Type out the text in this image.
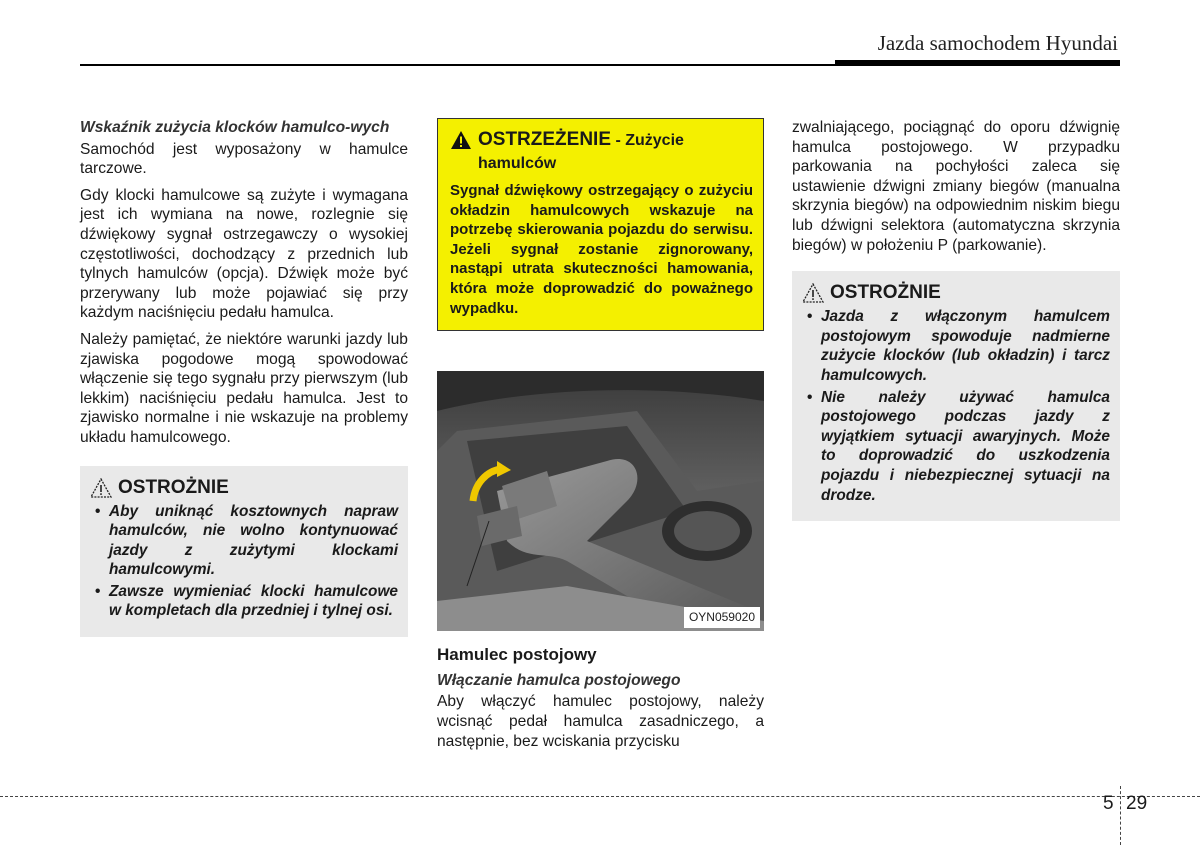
Jazda samochodem Hyundai

Wskaźnik zużycia klocków hamulco-wych

Samochód jest wyposażony w hamulce tarczowe.

Gdy klocki hamulcowe są zużyte i wymagana jest ich wymiana na nowe, rozlegnie się dźwiękowy sygnał ostrzegawczy o wysokiej częstotliwości, dochodzący z przednich lub tylnych hamulców (opcja). Dźwięk może być przerywany lub może pojawiać się przy każdym naciśnięciu pedału hamulca.

Należy pamiętać, że niektóre warunki jazdy lub zjawiska pogodowe mogą spowodować włączenie się tego sygnału przy pierwszym (lub lekkim) naciśnięciu pedału hamulca. Jest to zjawisko normalne i nie wskazuje na problemy układu hamulcowego.

OSTROŻNIE
• Aby uniknąć kosztownych napraw hamulców, nie wolno kontynuować jazdy z zużytymi klockami hamulcowymi.
• Zawsze wymieniać klocki hamulcowe w kompletach dla przedniej i tylnej osi.
OSTRZEŻENIE - Zużycie
hamulców
Sygnał dźwiękowy ostrzegający o zużyciu okładzin hamulcowych wskazuje na potrzebę skierowania pojazdu do serwisu. Jeżeli sygnał zostanie zignorowany, nastąpi utrata skuteczności hamowania, która może doprowadzić do poważnego wypadku.
OYN059020
Hamulec postojowy

Włączanie hamulca postojowego

Aby włączyć hamulec postojowy, należy wcisnąć pedał hamulca zasadniczego, a następnie, bez wciskania przycisku

zwalniającego, pociągnąć do oporu dźwignię hamulca postojowego. W przypadku parkowania na pochyłości zaleca się ustawienie dźwigni zmiany biegów (manualna skrzynia biegów) na odpowiednim niskim biegu lub dźwigni selektora (automatyczna skrzynia biegów) w położeniu P (parkowanie).

OSTROŻNIE
• Jazda z włączonym hamulcem postojowym spowoduje nadmierne zużycie klocków (lub okładzin) i tarcz hamulcowych.
• Nie należy używać hamulca postojowego podczas jazdy z wyjątkiem sytuacji awaryjnych. Może to doprowadzić do uszkodzenia pojazdu i niebezpiecznej sytuacji na drodze.
5 29
